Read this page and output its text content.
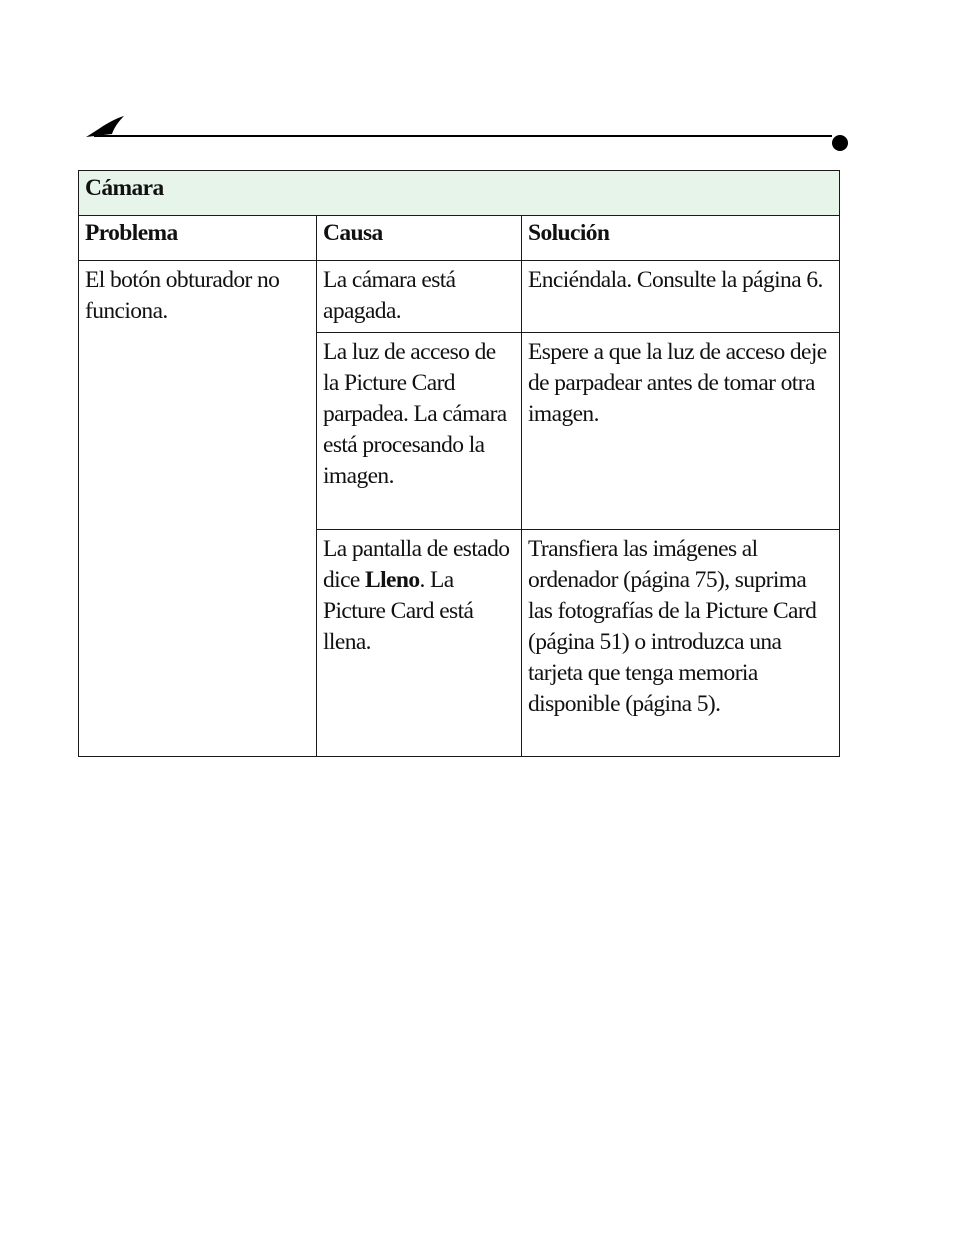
Cámara		
Problema	Causa	Solución
El botón obturador no funciona.	La cámara está apagada.	Enciéndala. Consulte la página 6.
	La luz de acceso de la Picture Card parpadea. La cámara está procesando la imagen.	Espere a que la luz de acceso deje de parpadear antes de tomar otra imagen.
	La pantalla de estado dice Lleno. La Picture Card está llena.	Transfiera las imágenes al ordenador (página 75), suprima las fotografías de la Picture Card (página 51) o introduzca una tarjeta que tenga memoria disponible (página 5).
